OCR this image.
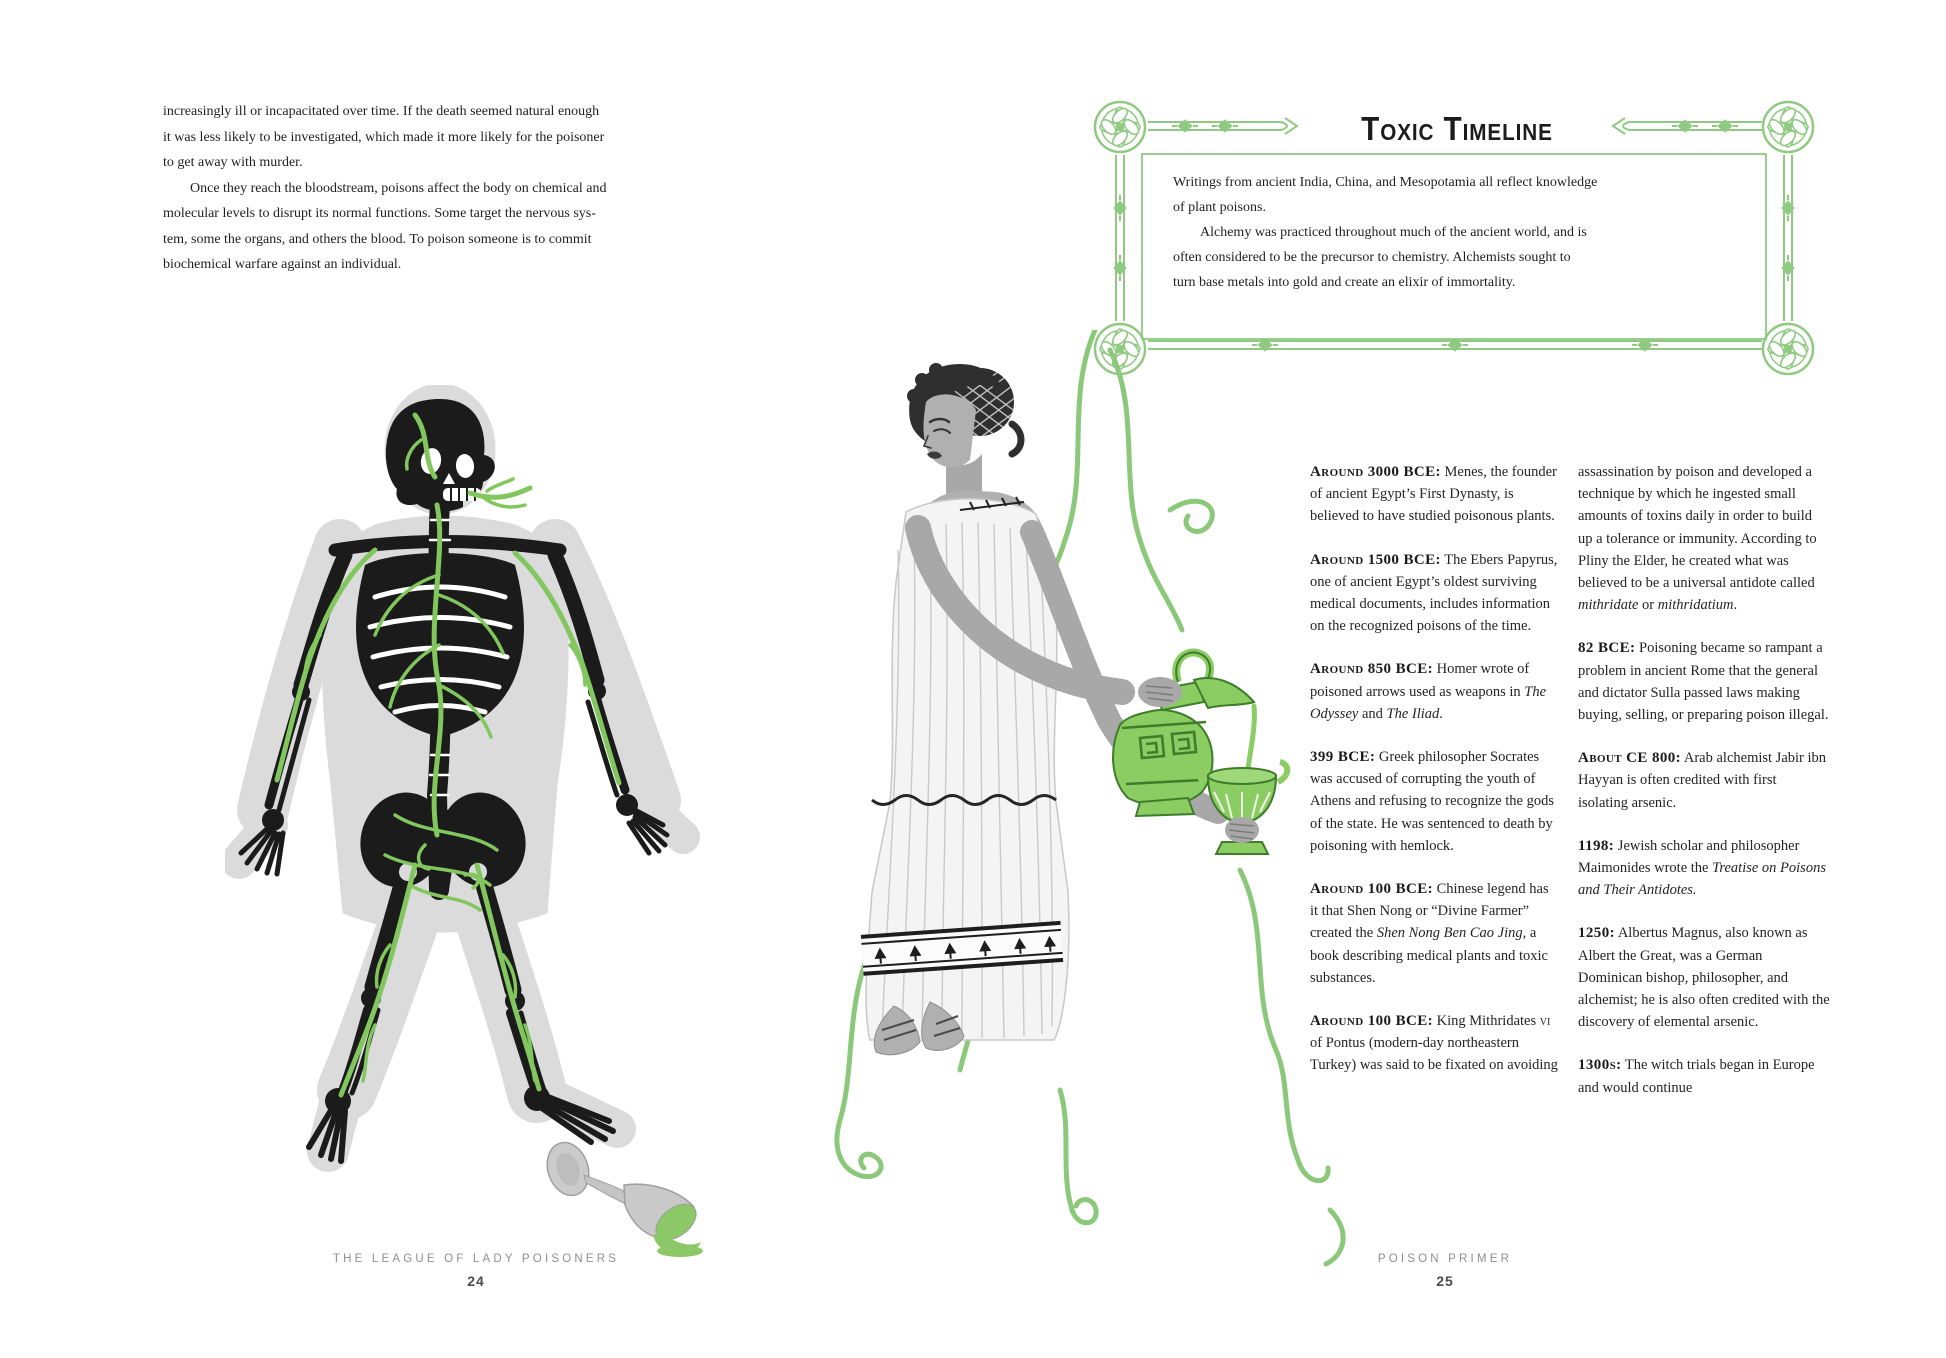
increasingly ill or incapacitated over time. If the death seemed natural enough
it was less likely to be investigated, which made it more likely for the poisoner
to get away with murder.
Once they reach the bloodstream, poisons affect the body on chemical and
molecular levels to disrupt its normal functions. Some target the nervous sys-
tem, some the organs, and others the blood. To poison someone is to commit
biochemical warfare against an individual.
THE LEAGUE OF LADY POISONERS
24
Toxic Timeline
Writings from ancient India, China, and Mesopotamia all reflect knowledge
of plant poisons.
Alchemy was practiced throughout much of the ancient world, and is
often considered to be the precursor to chemistry. Alchemists sought to
turn base metals into gold and create an elixir of immortality.

Around 3000 BCE: Menes, the founder of ancient Egypt’s First Dynasty, is believed to have studied poisonous plants.

Around 1500 BCE: The Ebers Papyrus, one of ancient Egypt’s oldest surviving medical documents, includes information on the recognized poisons of the time.

Around 850 BCE: Homer wrote of poisoned arrows used as weapons in The Odyssey and The Iliad.

399 BCE: Greek philosopher Socrates was accused of corrupting the youth of Athens and refusing to recognize the gods of the state. He was sentenced to death by poisoning with hemlock.

Around 100 BCE: Chinese legend has it that Shen Nong or “Divine Farmer” created the Shen Nong Ben Cao Jing, a book describing medical plants and toxic substances.

Around 100 BCE: King Mithridates vi of Pontus (modern-day northeastern Turkey) was said to be fixated on avoiding

assassination by poison and developed a technique by which he ingested small amounts of toxins daily in order to build up a tolerance or immunity. According to Pliny the Elder, he created what was believed to be a universal antidote called mithridate or mithridatium.

82 BCE: Poisoning became so rampant a problem in ancient Rome that the general and dictator Sulla passed laws making buying, selling, or preparing poison illegal.

About CE 800: Arab alchemist Jabir ibn Hayyan is often credited with first isolating arsenic.

1198: Jewish scholar and philosopher Maimonides wrote the Treatise on Poisons and Their Antidotes.

1250: Albertus Magnus, also known as Albert the Great, was a German Dominican bishop, philosopher, and alchemist; he is also often credited with the discovery of elemental arsenic.

1300s: The witch trials began in Europe and would continue

POISON PRIMER
25
